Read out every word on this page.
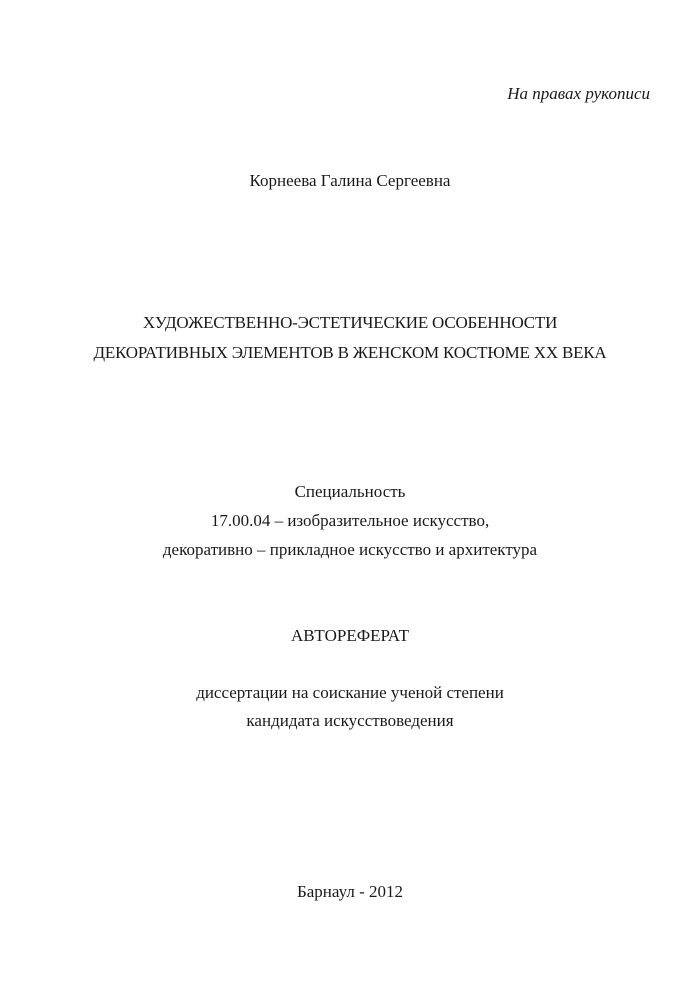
На правах рукописи
Корнеева Галина Сергеевна
ХУДОЖЕСТВЕННО-ЭСТЕТИЧЕСКИЕ ОСОБЕННОСТИ
ДЕКОРАТИВНЫХ ЭЛЕМЕНТОВ В ЖЕНСКОМ КОСТЮМЕ ХХ ВЕКА
Специальность
17.00.04 – изобразительное искусство,
декоративно – прикладное искусство и архитектура
АВТОРЕФЕРАТ
диссертации на соискание ученой степени
кандидата искусствоведения
Барнаул - 2012
